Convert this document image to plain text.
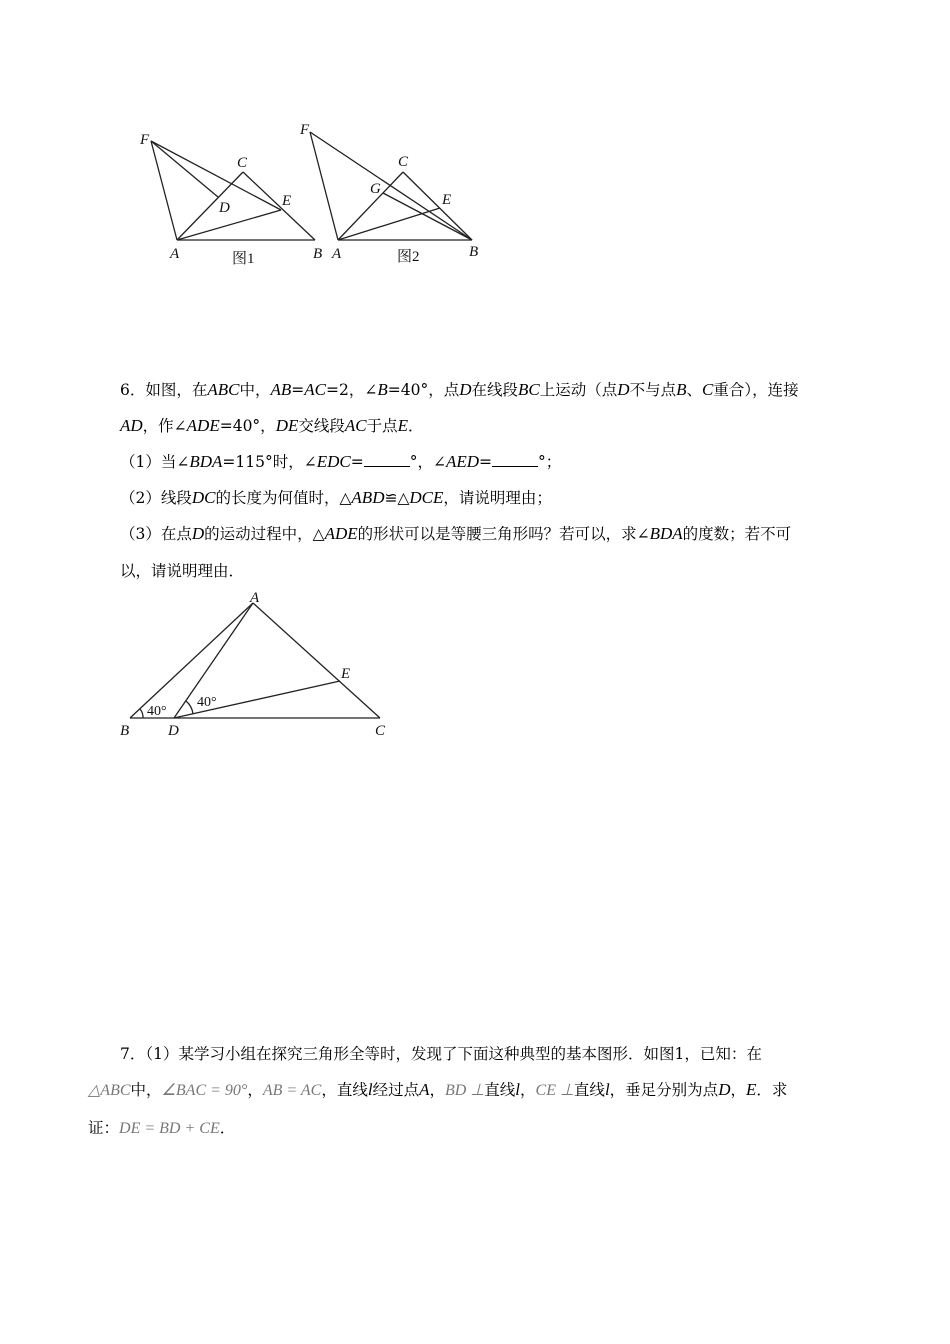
F
C
D	E
A	B
F
C
G
E
A	B
图1	图2
6．如图，在ABC中，AB=AC=2，∠B=40°，点D在线段BC上运动（点D不与点B、C重合），连接
AD，作∠ADE=40°，DE交线段AC于点E．
（1）当∠BDA=115°时，∠EDC=	°，∠AED=	°；
（2）线段DC的长度为何值时，△ABD≌△DCE，请说明理由；
（3）在点D的运动过程中，△ADE的形状可以是等腰三角形吗？若可以，求∠BDA的度数；若不可
以，请说明理由．
A
E
B	D	C
40°
40°
7．（1）某学习小组在探究三角形全等时，发现了下面这种典型的基本图形．如图1，已知：在
△ABC中，∠BAC = 90°，AB = AC，直线l经过点A，BD ⊥直线l，CE ⊥直线l，垂足分别为点D，E．求
证：DE = BD + CE．
